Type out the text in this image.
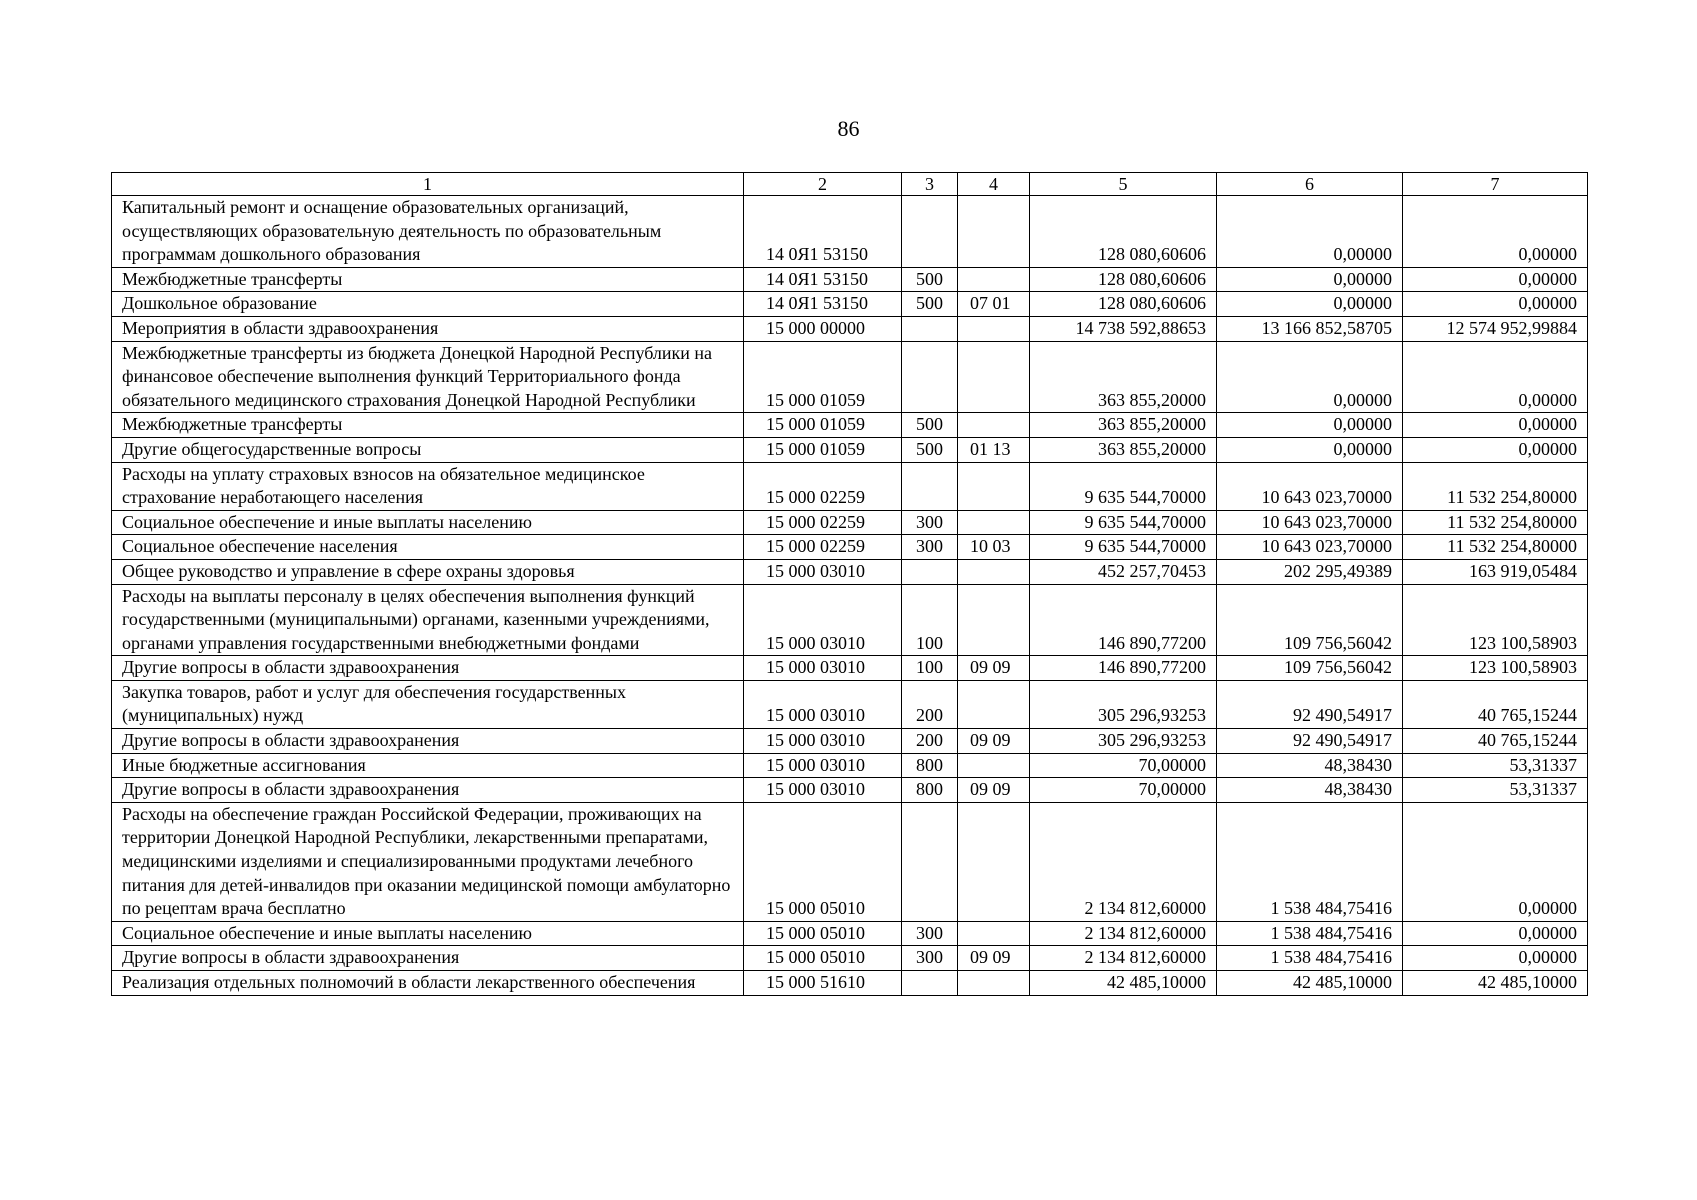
86
1	2	3	4	5	6	7
Капитальный ремонт и оснащение образовательных организаций, осуществляющих образовательную деятельность по образовательным программам дошкольного образования	14 0Я1 53150			128 080,60606	0,00000	0,00000
Межбюджетные трансферты	14 0Я1 53150	500		128 080,60606	0,00000	0,00000
Дошкольное образование	14 0Я1 53150	500	07 01	128 080,60606	0,00000	0,00000
Мероприятия в области здравоохранения	15 000 00000			14 738 592,88653	13 166 852,58705	12 574 952,99884
Межбюджетные трансферты из бюджета Донецкой Народной Республики на финансовое обеспечение выполнения функций Территориального фонда обязательного медицинского страхования Донецкой Народной Республики	15 000 01059			363 855,20000	0,00000	0,00000
Межбюджетные трансферты	15 000 01059	500		363 855,20000	0,00000	0,00000
Другие общегосударственные вопросы	15 000 01059	500	01 13	363 855,20000	0,00000	0,00000
Расходы на уплату страховых взносов на обязательное медицинское страхование неработающего населения	15 000 02259			9 635 544,70000	10 643 023,70000	11 532 254,80000
Социальное обеспечение и иные выплаты населению	15 000 02259	300		9 635 544,70000	10 643 023,70000	11 532 254,80000
Социальное обеспечение населения	15 000 02259	300	10 03	9 635 544,70000	10 643 023,70000	11 532 254,80000
Общее руководство и управление в сфере охраны здоровья	15 000 03010			452 257,70453	202 295,49389	163 919,05484
Расходы на выплаты персоналу в целях обеспечения выполнения функций государственными (муниципальными) органами, казенными учреждениями, органами управления государственными внебюджетными фондами	15 000 03010	100		146 890,77200	109 756,56042	123 100,58903
Другие вопросы в области здравоохранения	15 000 03010	100	09 09	146 890,77200	109 756,56042	123 100,58903
Закупка товаров, работ и услуг для обеспечения государственных (муниципальных) нужд	15 000 03010	200		305 296,93253	92 490,54917	40 765,15244
Другие вопросы в области здравоохранения	15 000 03010	200	09 09	305 296,93253	92 490,54917	40 765,15244
Иные бюджетные ассигнования	15 000 03010	800		70,00000	48,38430	53,31337
Другие вопросы в области здравоохранения	15 000 03010	800	09 09	70,00000	48,38430	53,31337
Расходы на обеспечение граждан Российской Федерации, проживающих на территории Донецкой Народной Республики, лекарственными препаратами, медицинскими изделиями и специализированными продуктами лечебного питания для детей-инвалидов при оказании медицинской помощи амбулаторно по рецептам врача бесплатно	15 000 05010			2 134 812,60000	1 538 484,75416	0,00000
Социальное обеспечение и иные выплаты населению	15 000 05010	300		2 134 812,60000	1 538 484,75416	0,00000
Другие вопросы в области здравоохранения	15 000 05010	300	09 09	2 134 812,60000	1 538 484,75416	0,00000
Реализация отдельных полномочий в области лекарственного обеспечения	15 000 51610			42 485,10000	42 485,10000	42 485,10000
